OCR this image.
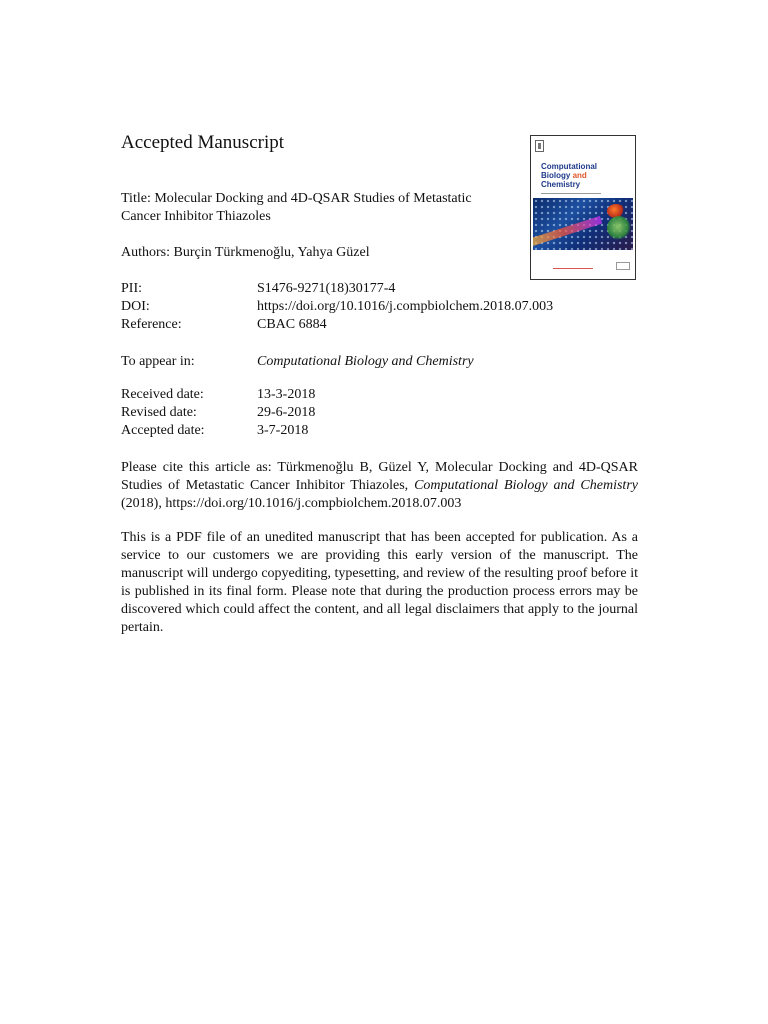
Accepted Manuscript
Title: Molecular Docking and 4D-QSAR Studies of Metastatic Cancer Inhibitor Thiazoles
Authors: Burçin Türkmenoğlu, Yahya Güzel
PII:	S1476-9271(18)30177-4
DOI:	https://doi.org/10.1016/j.compbiolchem.2018.07.003
Reference:	CBAC 6884
To appear in:	Computational Biology and Chemistry
Received date:	13-3-2018
Revised date:	29-6-2018
Accepted date:	3-7-2018
Please cite this article as: Türkmenoğlu B, Güzel Y, Molecular Docking and 4D-QSAR Studies of Metastatic Cancer Inhibitor Thiazoles, Computational Biology and Chemistry (2018), https://doi.org/10.1016/j.compbiolchem.2018.07.003
This is a PDF file of an unedited manuscript that has been accepted for publication. As a service to our customers we are providing this early version of the manuscript. The manuscript will undergo copyediting, typesetting, and review of the resulting proof before it is published in its final form. Please note that during the production process errors may be discovered which could affect the content, and all legal disclaimers that apply to the journal pertain.
Computational
Biology and
Chemistry
